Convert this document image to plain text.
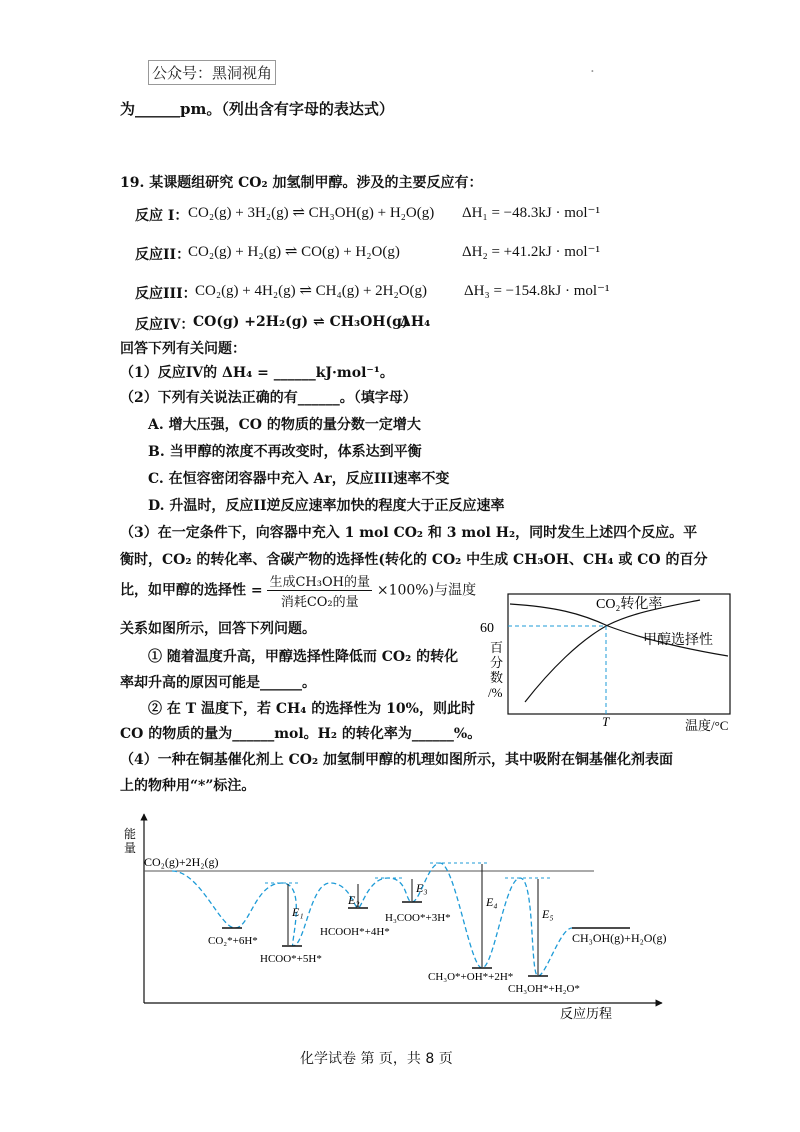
公众号：黑洞视角	.
为______pm。（列出含有字母的表达式）
19. 某课题组研究 CO₂ 加氢制甲醇。涉及的主要反应有：
反应 I： CO₂(g) + 3H₂(g) ⇌ CH₃OH(g) + H₂O(g) ΔH₁ = −48.3kJ · mol⁻¹
反应II：
CO₂(g) + H₂(g) ⇌ CO(g) + H₂O(g)	ΔH₂ = +41.2kJ · mol⁻¹
反应III：
CO₂(g) + 4H₂(g) ⇌ CH₄(g) + 2H₂O(g) ΔH₃ = −154.8kJ · mol⁻¹
反应IV：
CO(g) +2H₂(g) ⇌ CH₃OH(g)
ΔH₄
回答下列有关问题：
（1）反应IV的 ΔH₄ = ______kJ·mol⁻¹。
（2）下列有关说法正确的有______。（填字母）
A. 增大压强，CO 的物质的量分数一定增大
B. 当甲醇的浓度不再改变时，体系达到平衡
C. 在恒容密闭容器中充入 Ar，反应III速率不变
D. 升温时，反应II逆反应速率加快的程度大于正反应速率
（3）在一定条件下，向容器中充入 1 mol CO₂ 和 3 mol H₂，同时发生上述四个反应。平
衡时，CO₂ 的转化率、含碳产物的选择性(转化的 CO₂ 中生成 CH₃OH、CH₄ 或 CO 的百分
比，如甲醇的选择性 = $\frac{\text{生成CH₃OH的量}}{\text{消耗CO₂的量}} \times 100\%$)与温度
关系如图所示，回答下列问题。
① 随着温度升高，甲醇选择性降低而 CO₂ 的转化
率却升高的原因可能是______。
② 在 T 温度下，若 CH₄ 的选择性为 10%，则此时
CO 的物质的量为______mol。H₂ 的转化率为______%。
（4）一种在铜基催化剂上 CO₂ 加氢制甲醇的机理如图所示，其中吸附在铜基催化剂表面
上的物种用“*”标注。
60
T
CO₂转化率
甲醇选择性
温度/°C
百
分
数
/%
能
量
反应历程
CO₂(g)+2H₂(g)
E₁
E₂
E₃
E₄
E₅
CO₂*+6H*
HCOO*+5H*
HCOOH*+4H*
H₃COO*+3H*
CH₃O*+OH*+2H*
CH₃OH*+H₂O*
CH₃OH(g)+H₂O(g)
化学试卷 第 页，共 8 页
